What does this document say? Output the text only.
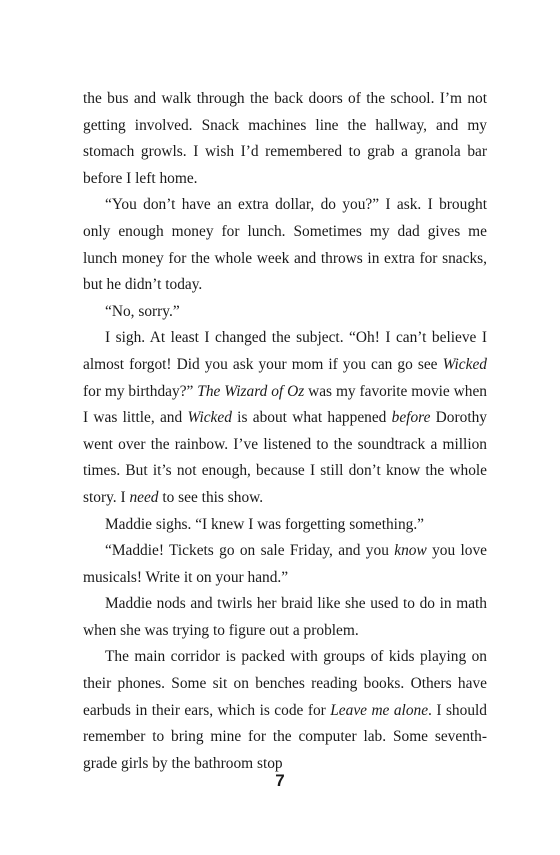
the bus and walk through the back doors of the school. I’m not getting involved. Snack machines line the hallway, and my stomach growls. I wish I’d remembered to grab a granola bar before I left home.

“You don’t have an extra dollar, do you?” I ask. I brought only enough money for lunch. Sometimes my dad gives me lunch money for the whole week and throws in extra for snacks, but he didn’t today.

“No, sorry.”

I sigh. At least I changed the subject. “Oh! I can’t believe I almost forgot! Did you ask your mom if you can go see Wicked for my birthday?” The Wizard of Oz was my favorite movie when I was little, and Wicked is about what happened before Dorothy went over the rainbow. I’ve listened to the soundtrack a million times. But it’s not enough, because I still don’t know the whole story. I need to see this show.

Maddie sighs. “I knew I was forgetting something.”

“Maddie! Tickets go on sale Friday, and you know you love musicals! Write it on your hand.”

Maddie nods and twirls her braid like she used to do in math when she was trying to figure out a problem.

The main corridor is packed with groups of kids playing on their phones. Some sit on benches reading books. Others have earbuds in their ears, which is code for Leave me alone. I should remember to bring mine for the computer lab. Some seventh-grade girls by the bathroom stop

7
